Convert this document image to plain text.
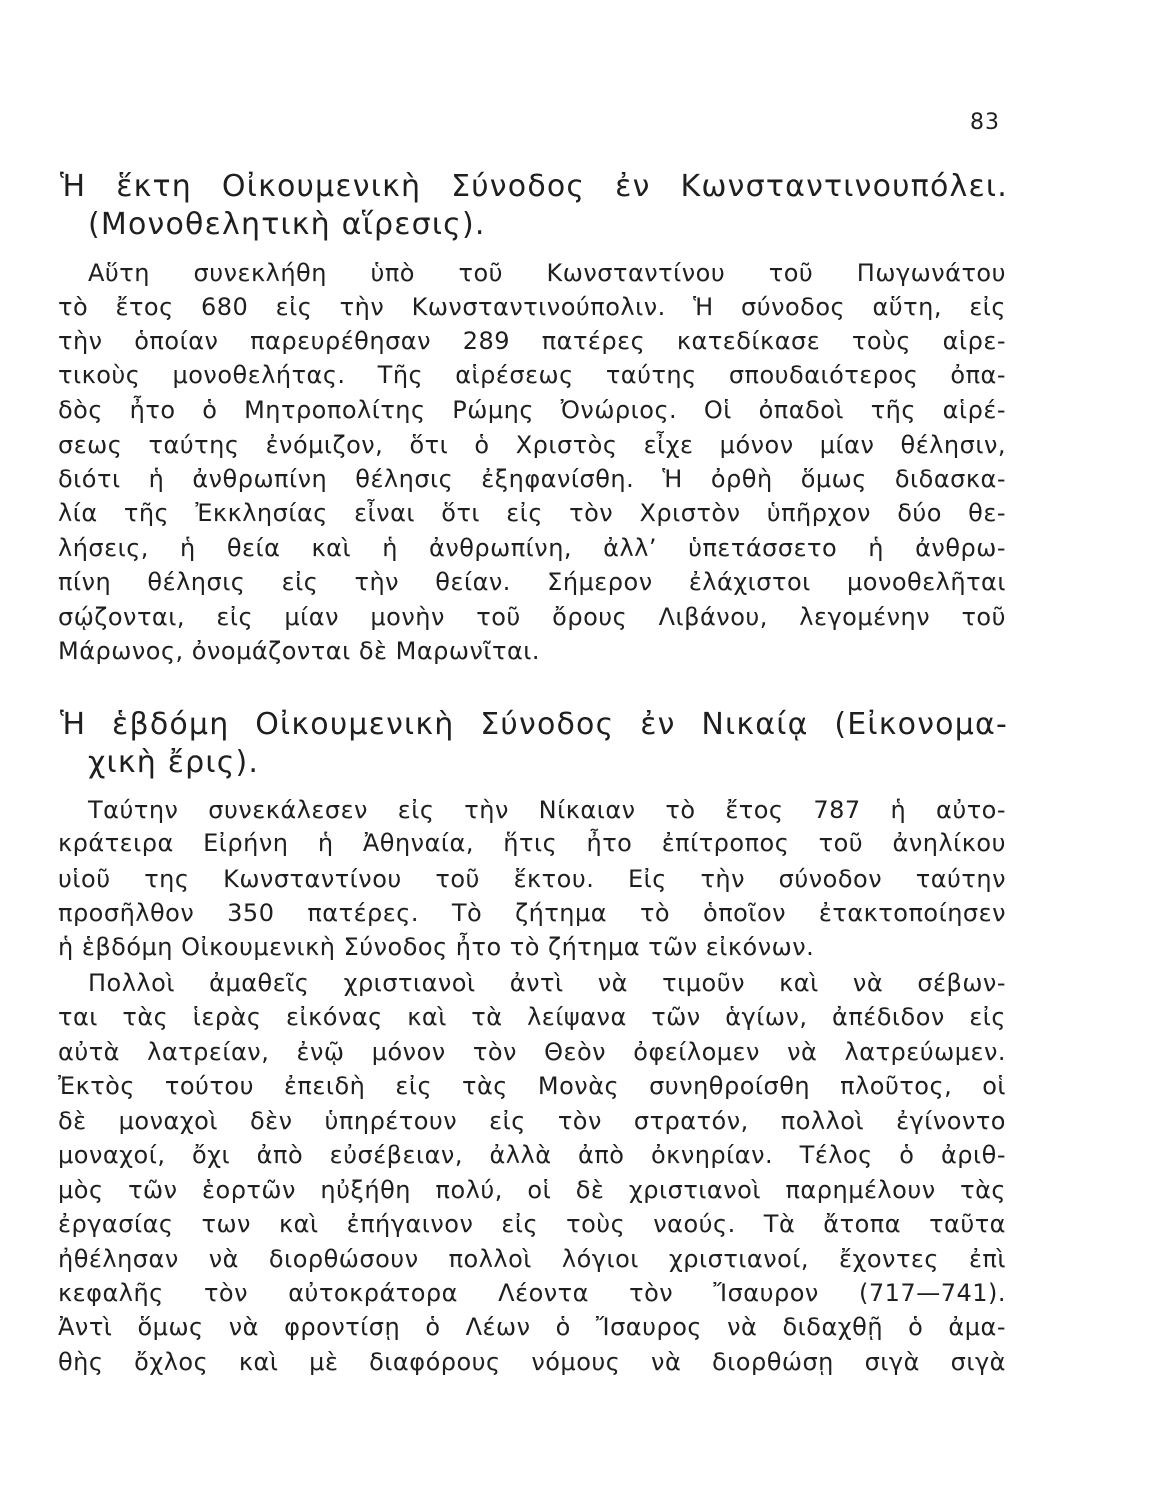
83
Ἡ ἕκτη Οἰκουμενικὴ Σύνοδος ἐν Κωνσταντινουπόλει.
(Μονοθελητικὴ αἵρεσις).
Αὕτη συνεκλήθη ὑπὸ τοῦ Κωνσταντίνου τοῦ Πωγωνάτου
τὸ ἔτος 680 εἰς τὴν Κωνσταντινούπολιν. Ἡ σύνοδος αὕτη, εἰς
τὴν ὁποίαν παρευρέθησαν 289 πατέρες κατεδίκασε τοὺς αἱρε-
τικοὺς μονοθελήτας. Τῆς αἱρέσεως ταύτης σπουδαιότερος ὀπα-
δὸς ἦτο ὁ Μητροπολίτης Ρώμης Ὀνώριος. Οἱ ὀπαδοὶ τῆς αἱρέ-
σεως ταύτης ἐνόμιζον, ὅτι ὁ Χριστὸς εἶχε μόνον μίαν θέλησιν,
διότι ἡ ἀνθρωπίνη θέλησις ἐξηφανίσθη. Ἡ ὀρθὴ ὅμως διδασκα-
λία τῆς Ἐκκλησίας εἶναι ὅτι εἰς τὸν Χριστὸν ὑπῆρχον δύο θε-
λήσεις, ἡ θεία καὶ ἡ ἀνθρωπίνη, ἀλλ’ ὑπετάσσετο ἡ ἀνθρω-
πίνη θέλησις εἰς τὴν θείαν. Σήμερον ἐλάχιστοι μονοθελῆται
σῴζονται, εἰς μίαν μονὴν τοῦ ὄρους Λιβάνου, λεγομένην τοῦ
Μάρωνος, ὀνομάζονται δὲ Μαρωνῖται.
Ἡ ἑβδόμη Οἰκουμενικὴ Σύνοδος ἐν Νικαίᾳ (Εἰκονομα-
χικὴ ἔρις).
Ταύτην συνεκάλεσεν εἰς τὴν Νίκαιαν τὸ ἔτος 787 ἡ αὐτο-
κράτειρα Εἰρήνη ἡ Ἀθηναία, ἥτις ἦτο ἐπίτροπος τοῦ ἀνηλίκου
υἱοῦ της Κωνσταντίνου τοῦ ἕκτου. Εἰς τὴν σύνοδον ταύτην
προσῆλθον 350 πατέρες. Τὸ ζήτημα τὸ ὁποῖον ἐτακτοποίησεν
ἡ ἑβδόμη Οἰκουμενικὴ Σύνοδος ἦτο τὸ ζήτημα τῶν εἰκόνων.
Πολλοὶ ἀμαθεῖς χριστιανοὶ ἀντὶ νὰ τιμοῦν καὶ νὰ σέβων-
ται τὰς ἱερὰς εἰκόνας καὶ τὰ λείψανα τῶν ἁγίων, ἀπέδιδον εἰς
αὐτὰ λατρείαν, ἐνῷ μόνον τὸν Θεὸν ὀφείλομεν νὰ λατρεύωμεν.
Ἐκτὸς τούτου ἐπειδὴ εἰς τὰς Μονὰς συνηθροίσθη πλοῦτος, οἱ
δὲ μοναχοὶ δὲν ὑπηρέτουν εἰς τὸν στρατόν, πολλοὶ ἐγίνοντο
μοναχοί, ὄχι ἀπὸ εὐσέβειαν, ἀλλὰ ἀπὸ ὀκνηρίαν. Τέλος ὁ ἀριθ-
μὸς τῶν ἑορτῶν ηὐξήθη πολύ, οἱ δὲ χριστιανοὶ παρημέλουν τὰς
ἐργασίας των καὶ ἐπήγαινον εἰς τοὺς ναούς. Τὰ ἄτοπα ταῦτα
ἠθέλησαν νὰ διορθώσουν πολλοὶ λόγιοι χριστιανοί, ἔχοντες ἐπὶ
κεφαλῆς τὸν αὐτοκράτορα Λέοντα τὸν Ἴσαυρον (717—741).
Ἀντὶ ὅμως νὰ φροντίσῃ ὁ Λέων ὁ Ἴσαυρος νὰ διδαχθῇ ὁ ἀμα-
θὴς ὄχλος καὶ μὲ διαφόρους νόμους νὰ διορθώσῃ σιγὰ σιγὰ
